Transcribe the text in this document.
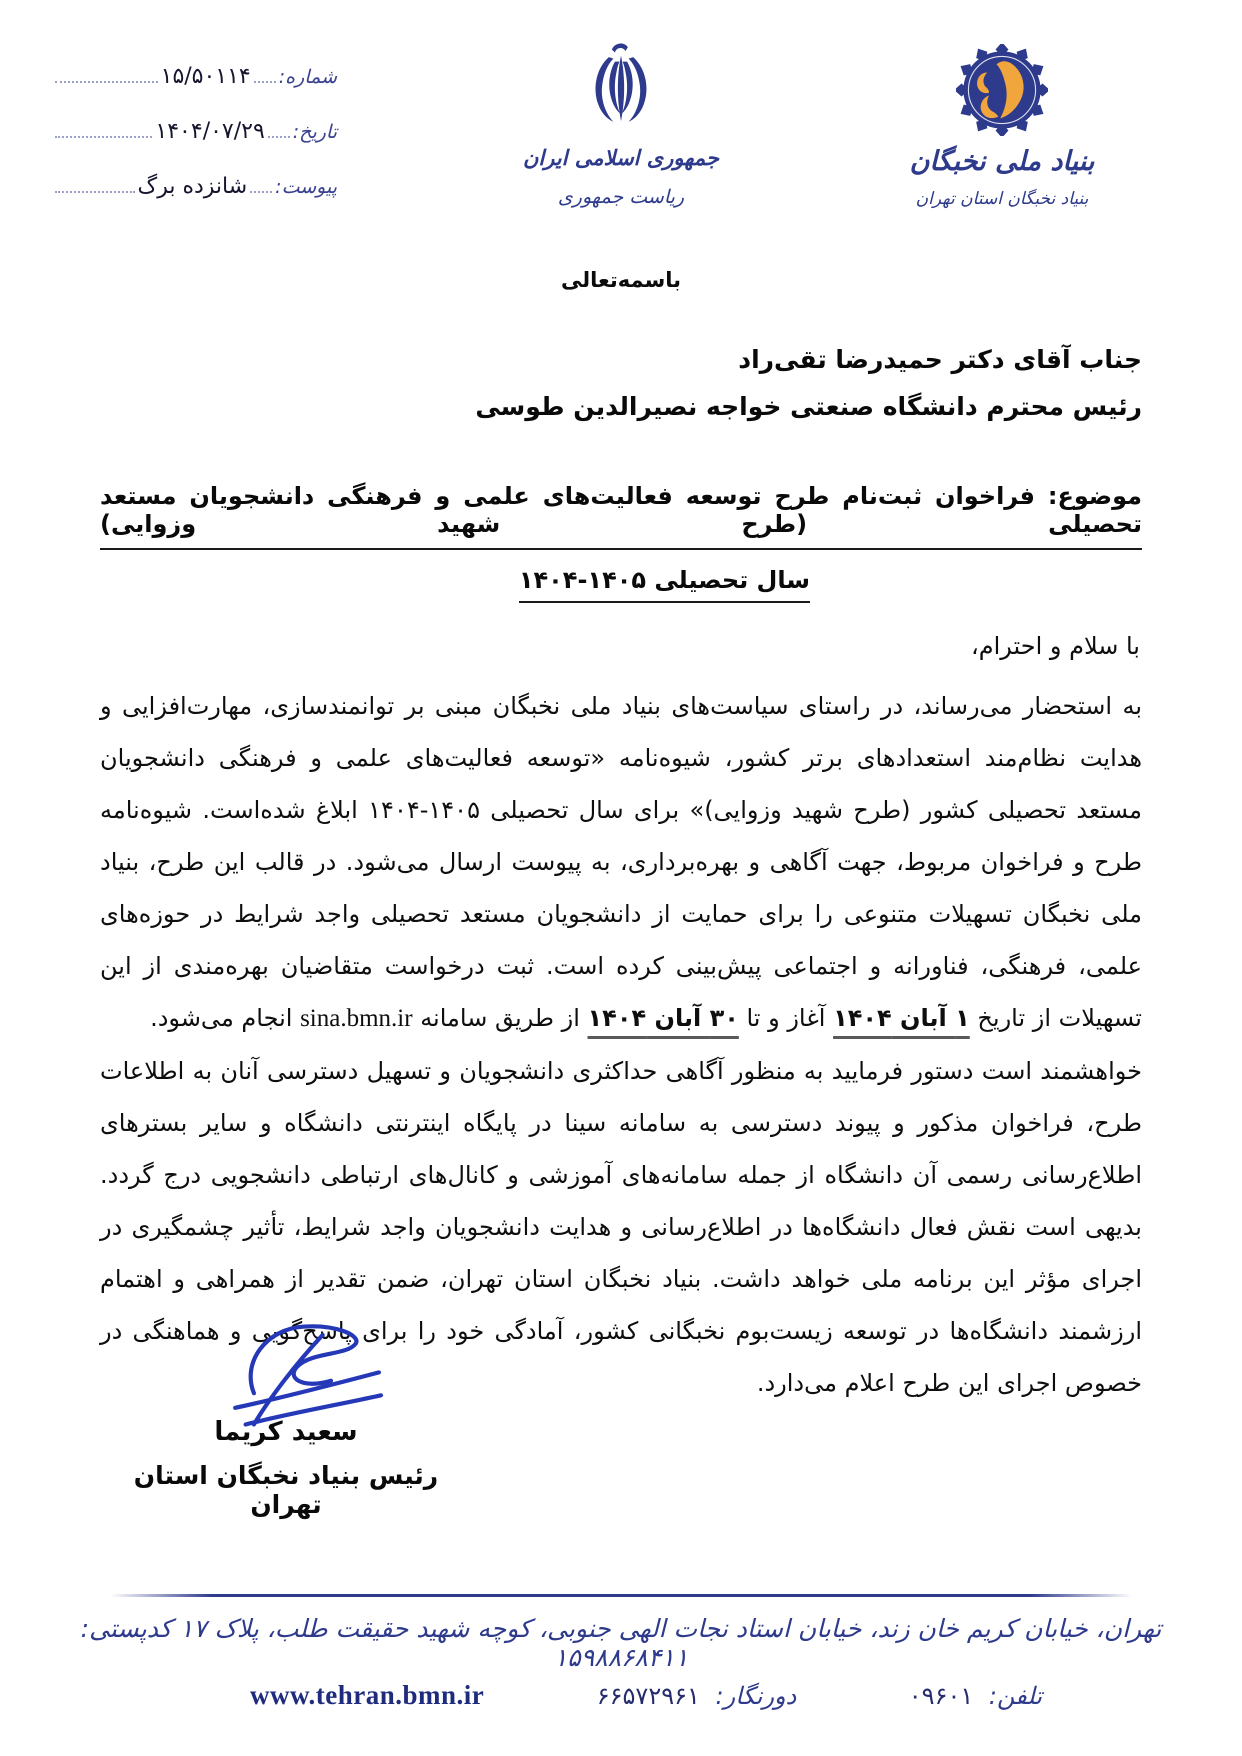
شماره:
۱۵/۵۰۱۱۴
تاریخ:
۱۴۰۴/۰۷/۲۹
پیوست:
شانزده برگ
جمهوری اسلامی ایران
ریاست جمهوری
بنیاد ملی نخبگان
بنیاد نخبگان استان تهران
باسمه‌تعالی
جناب آقای دکتر حمیدرضا تقی‌راد
رئیس محترم دانشگاه صنعتی خواجه نصیرالدین طوسی
موضوع: فراخوان ثبت‌نام طرح توسعه فعالیت‌های علمی و فرهنگی دانشجویان مستعد تحصیلی (طرح شهید وزوایی)
سال تحصیلی ۱۴۰۵-۱۴۰۴
با سلام و احترام،

به استحضار می‌رساند، در راستای سیاست‌های بنیاد ملی نخبگان مبنی بر توانمندسازی، مهارت‌افزایی و هدایت نظام‌مند استعدادهای برتر کشور، شیوه‌نامه «توسعه فعالیت‌های علمی و فرهنگی دانشجویان مستعد تحصیلی کشور (طرح شهید وزوایی)» برای سال تحصیلی ۱۴۰۵-۱۴۰۴ ابلاغ شده‌است. شیوه‌نامه طرح و فراخوان مربوط، جهت آگاهی و بهره‌برداری، به پیوست ارسال می‌شود. در قالب این طرح، بنیاد ملی نخبگان تسهیلات متنوعی را برای حمایت از دانشجویان مستعد تحصیلی واجد شرایط در حوزه‌های علمی، فرهنگی، فناورانه و اجتماعی پیش‌بینی کرده است. ثبت درخواست متقاضیان بهره‌مندی از این تسهیلات از تاریخ ۱ آبان ۱۴۰۴ آغاز و تا ۳۰ آبان ۱۴۰۴ از طریق سامانه sina.bmn.ir انجام می‌شود.

خواهشمند است دستور فرمایید به منظور آگاهی حداکثری دانشجویان و تسهیل دسترسی آنان به اطلاعات طرح، فراخوان مذکور و پیوند دسترسی به سامانه سینا در پایگاه اینترنتی دانشگاه و سایر بسترهای اطلاع‌رسانی رسمی آن دانشگاه از جمله سامانه‌های آموزشی و کانال‌های ارتباطی دانشجویی درج گردد. بدیهی است نقش فعال دانشگاه‌ها در اطلاع‌رسانی و هدایت دانشجویان واجد شرایط، تأثیر چشمگیری در اجرای مؤثر این برنامه ملی خواهد داشت. بنیاد نخبگان استان تهران، ضمن تقدیر از همراهی و اهتمام ارزشمند دانشگاه‌ها در توسعه زیست‌بوم نخبگانی کشور، آمادگی خود را برای پاسخ‌گویی و هماهنگی در خصوص اجرای این طرح اعلام می‌دارد.

سعید کریما
رئیس بنیاد نخبگان استان تهران
تهران، خیابان کریم خان زند، خیابان استاد نجات الهی جنوبی، کوچه شهید حقیقت طلب، پلاک ۱۷ کدپستی: ۱۵۹۸۸۶۸۴۱۱
تلفن: ۰۹۶۰۱
دورنگار: ۶۶۵۷۲۹۶۱
www.tehran.bmn.ir
